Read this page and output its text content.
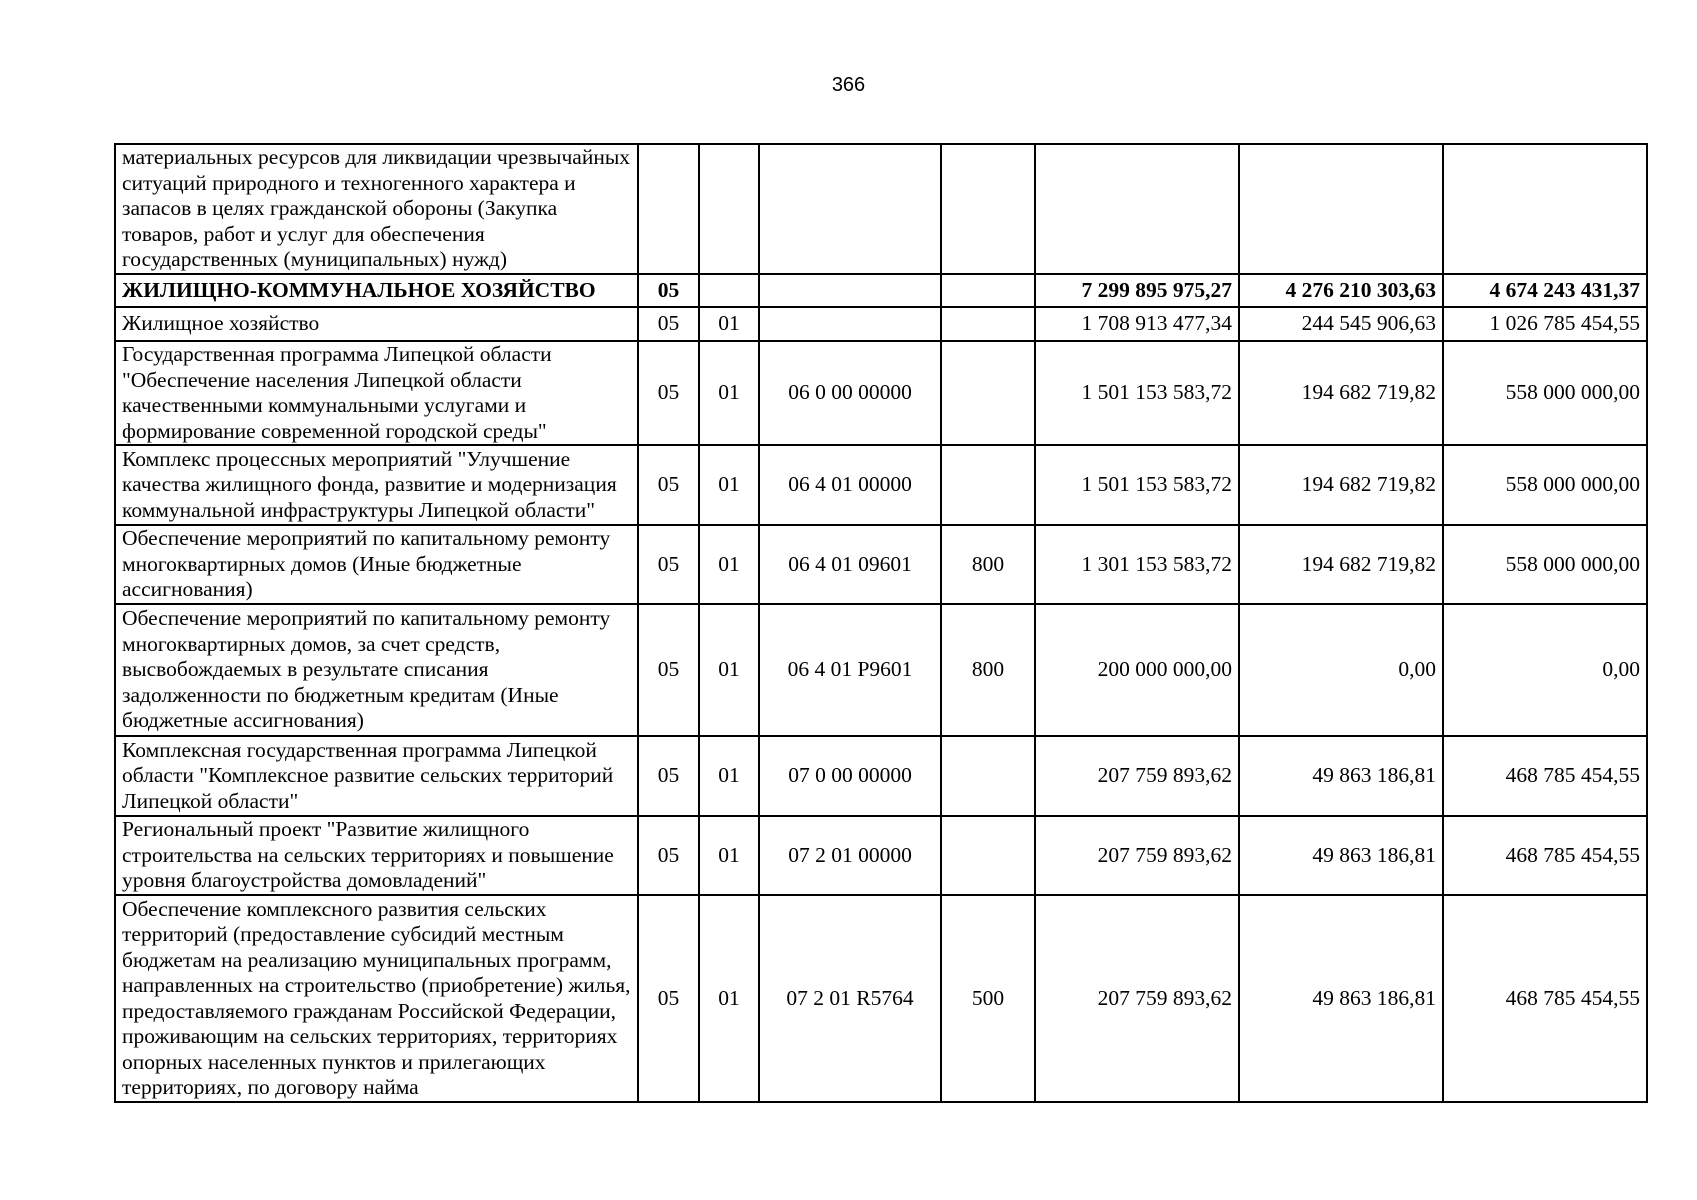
366
материальных ресурсов для ликвидации чрезвычайных ситуаций природного и техногенного характера и запасов в целях гражданской обороны (Закупка товаров, работ и услуг для обеспечения государственных (муниципальных) нужд)							
ЖИЛИЩНО-КОММУНАЛЬНОЕ ХОЗЯЙСТВО	05				7 299 895 975,27	4 276 210 303,63	4 674 243 431,37
Жилищное хозяйство	05	01			1 708 913 477,34	244 545 906,63	1 026 785 454,55
Государственная программа Липецкой области "Обеспечение населения Липецкой области качественными коммунальными услугами и формирование современной городской среды"	05	01	06 0 00 00000		1 501 153 583,72	194 682 719,82	558 000 000,00
Комплекс процессных мероприятий "Улучшение качества жилищного фонда, развитие и модернизация коммунальной инфраструктуры Липецкой области"	05	01	06 4 01 00000		1 501 153 583,72	194 682 719,82	558 000 000,00
Обеспечение мероприятий по капитальному ремонту многоквартирных домов (Иные бюджетные ассигнования)	05	01	06 4 01 09601	800	1 301 153 583,72	194 682 719,82	558 000 000,00
Обеспечение мероприятий по капитальному ремонту многоквартирных домов, за счет средств, высвобождаемых в результате списания задолженности по бюджетным кредитам (Иные бюджетные ассигнования)	05	01	06 4 01 P9601	800	200 000 000,00	0,00	0,00
Комплексная государственная программа Липецкой области "Комплексное развитие сельских территорий Липецкой области"	05	01	07 0 00 00000		207 759 893,62	49 863 186,81	468 785 454,55
Региональный проект "Развитие жилищного строительства на сельских территориях и повышение уровня благоустройства домовладений"	05	01	07 2 01 00000		207 759 893,62	49 863 186,81	468 785 454,55
Обеспечение комплексного развития сельских территорий (предоставление субсидий местным бюджетам на реализацию муниципальных программ, направленных на строительство (приобретение) жилья, предоставляемого гражданам Российской Федерации, проживающим на сельских территориях, территориях опорных населенных пунктов и прилегающих территориях, по договору найма	05	01	07 2 01 R5764	500	207 759 893,62	49 863 186,81	468 785 454,55
